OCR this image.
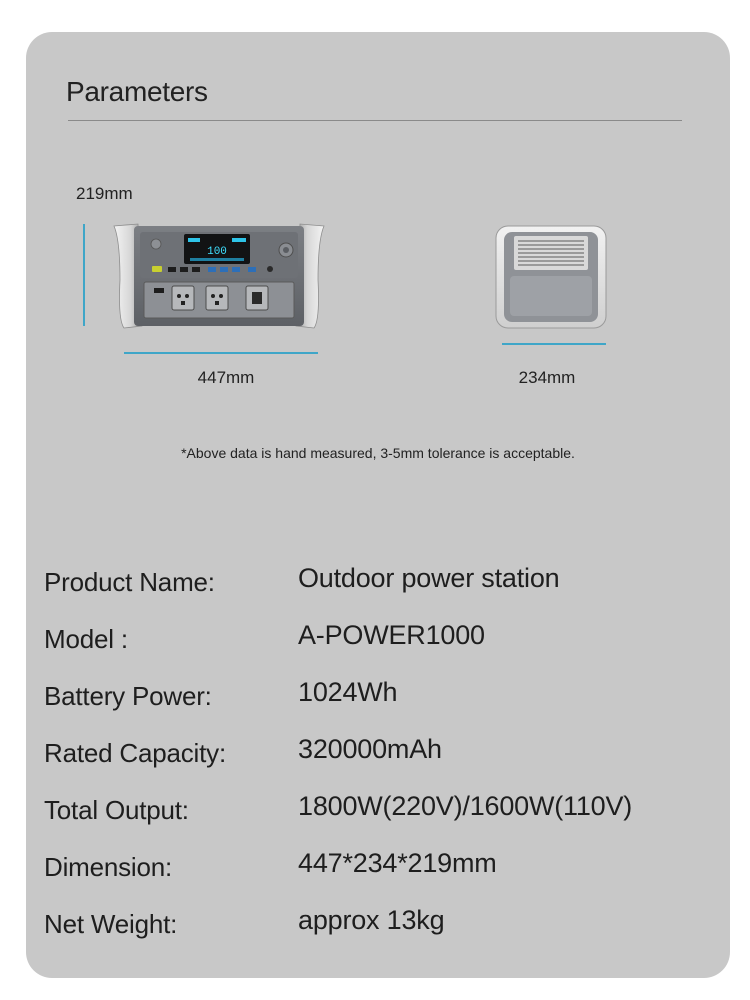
Parameters
219mm
100
447mm	234mm
*Above data is hand measured, 3-5mm tolerance is acceptable.
Product Name:	Outdoor power station
Model :	A-POWER1000
Battery Power:	1024Wh
Rated Capacity:	320000mAh
Total Output:	1800W(220V)/1600W(110V)
Dimension:	447*234*219mm
Net Weight:	approx 13kg
